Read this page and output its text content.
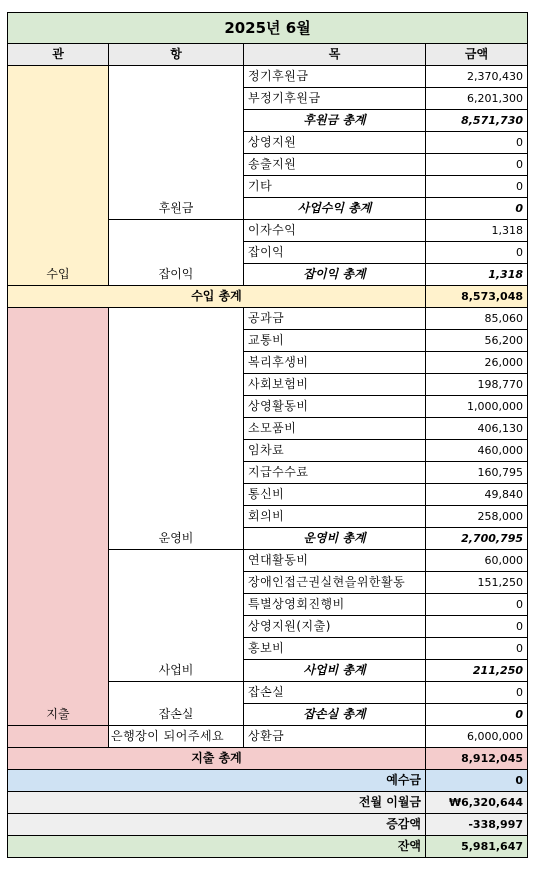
2025년 6월			
관	항	목	금액
수입	후원금	정기후원금	2,370,430
		부정기후원금	6,201,300
		후원금 총계	8,571,730
		상영지원	0
		송출지원	0
		기타	0
		사업수익 총계	0
	잡이익	이자수익	1,318
		잡이익	0
		잡이익 총계	1,318
수입 총계			8,573,048
지출	운영비	공과금	85,060
		교통비	56,200
		복리후생비	26,000
		사회보험비	198,770
		상영활동비	1,000,000
		소모품비	406,130
		임차료	460,000
		지급수수료	160,795
		통신비	49,840
		회의비	258,000
		운영비 총계	2,700,795
	사업비	연대활동비	60,000
		장애인접근권실현을위한활동	151,250
		특별상영회진행비	0
		상영지원(지출)	0
		홍보비	0
		사업비 총계	211,250
	잡손실	잡손실	0
		잡손실 총계	0
	은행장이 되어주세요	상환금	6,000,000
지출 총계			8,912,045
예수금			0
전월 이월금			₩6,320,644
증감액			-338,997
잔액			5,981,647
